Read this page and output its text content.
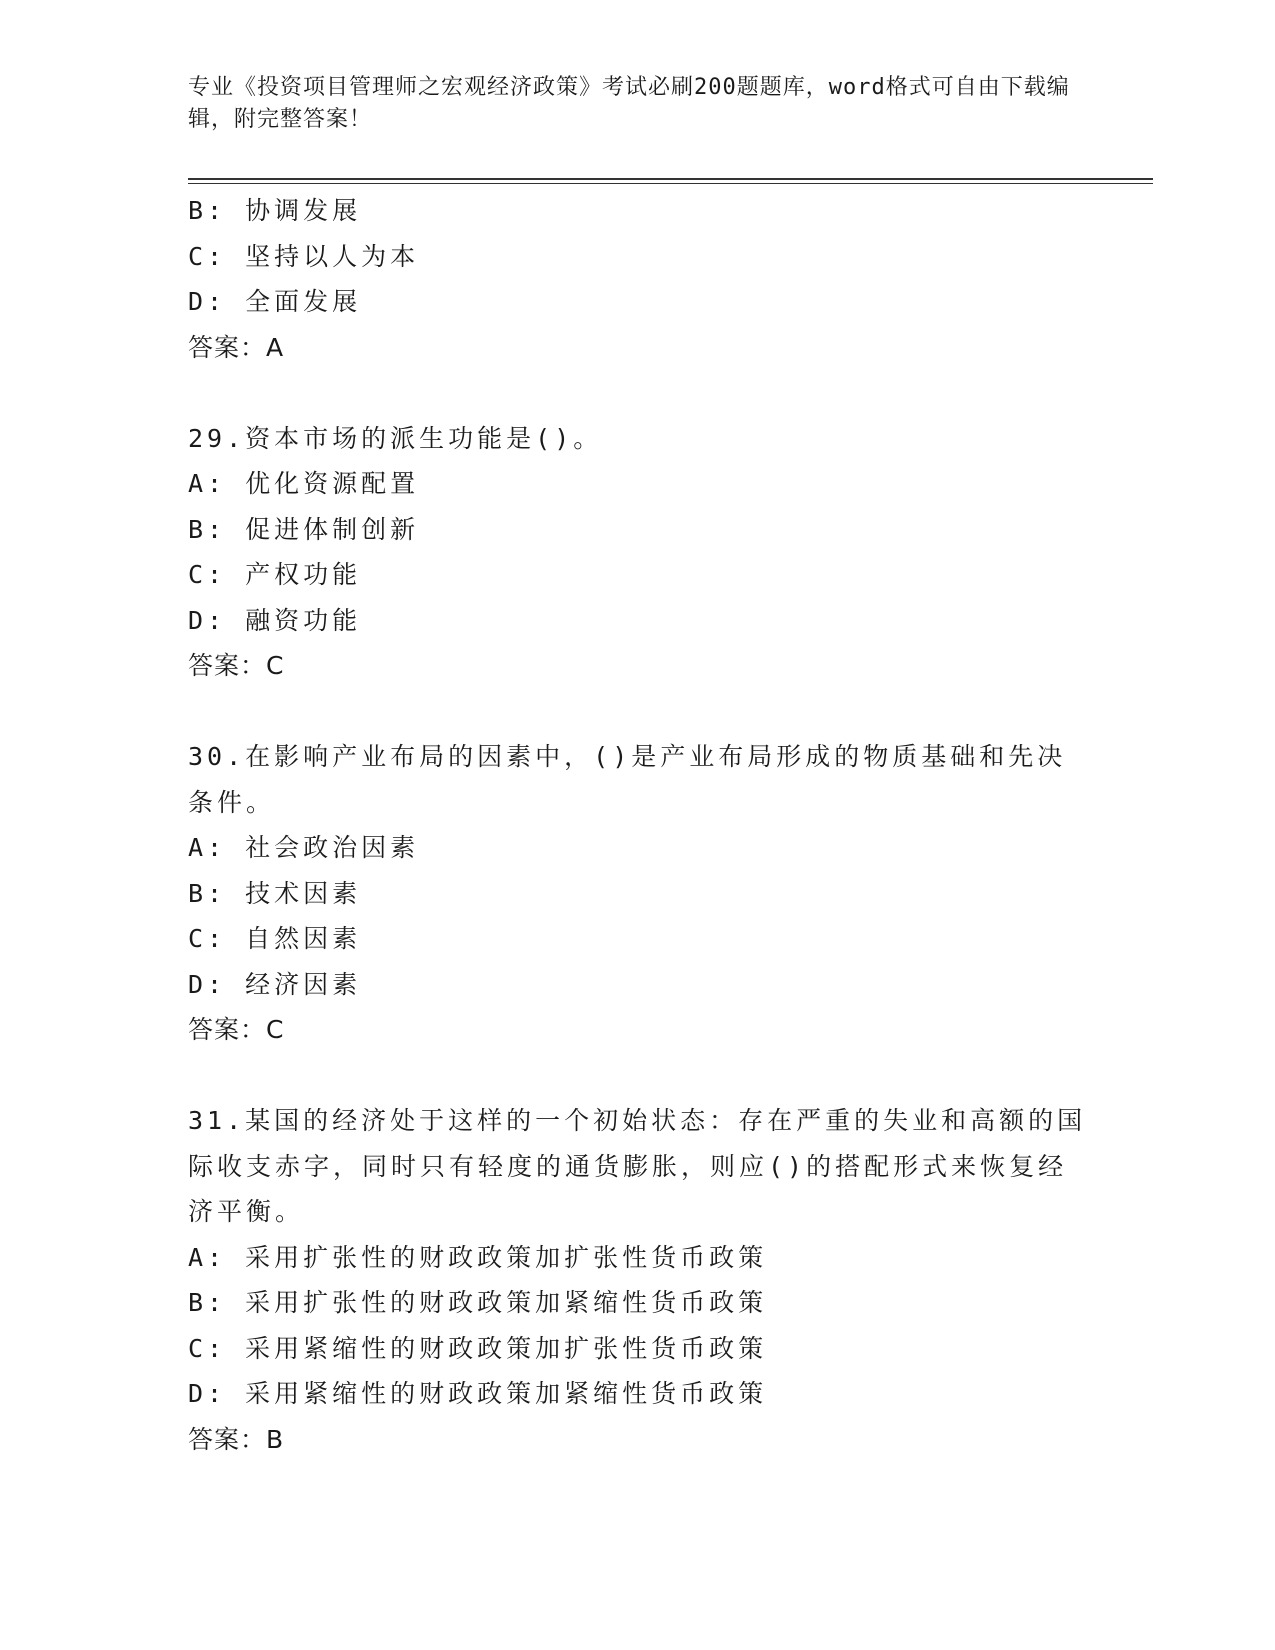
专业《投资项目管理师之宏观经济政策》考试必刷200题题库，word格式可自由下载编辑，附完整答案！
B: 协调发展
C: 坚持以人为本
D: 全面发展
答案：A
29.资本市场的派生功能是()。
A: 优化资源配置
B: 促进体制创新
C: 产权功能
D: 融资功能
答案：C
30.在影响产业布局的因素中，()是产业布局形成的物质基础和先决条件。
A: 社会政治因素
B: 技术因素
C: 自然因素
D: 经济因素
答案：C
31.某国的经济处于这样的一个初始状态：存在严重的失业和高额的国际收支赤字，同时只有轻度的通货膨胀，则应()的搭配形式来恢复经济平衡。
A: 采用扩张性的财政政策加扩张性货币政策
B: 采用扩张性的财政政策加紧缩性货币政策
C: 采用紧缩性的财政政策加扩张性货币政策
D: 采用紧缩性的财政政策加紧缩性货币政策
答案：B
